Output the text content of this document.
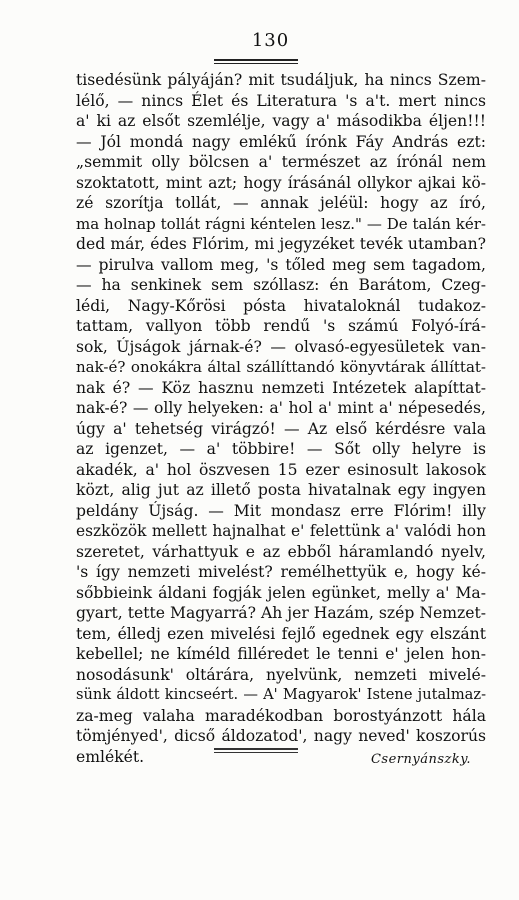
130
tisedésünk pályáján? mit tsudáljuk, ha nincs Szem-
lélő, — nincs Élet és Literatura 's a't. mert nincs
a' ki az elsőt szemlélje, vagy a' másodikba éljen!!!
— Jól mondá nagy emlékű írónk Fáy András ezt:
„semmit olly bölcsen a' természet az írónál nem
szoktatott, mint azt; hogy írásánál ollykor ajkai kö-
zé szorítja tollát, — annak jeléül: hogy az író,
ma holnap tollát rágni kéntelen lesz." — De talán kér-
ded már, édes Flórim, mi jegyzéket tevék utamban?
— pirulva vallom meg, 's tőled meg sem tagadom,
— ha senkinek sem szóllasz: én Barátom, Czeg-
lédi, Nagy-Kőrösi pósta hivataloknál tudakoz-
tattam, vallyon több rendű 's számú Folyó-írá-
sok, Újságok járnak-é? — olvasó-egyesületek van-
nak-é? onokákra által szállíttandó könyvtárak állíttat-
nak é? — Köz hasznu nemzeti Intézetek alapíttat-
nak-é? — olly helyeken: a' hol a' mint a' népesedés,
úgy a' tehetség virágzó! — Az első kérdésre vala
az igenzet, — a' többire! — Sőt olly helyre is
akadék, a' hol öszvesen 15 ezer esinosult lakosok
közt, alig jut az illető posta hivatalnak egy ingyen
peldány Újság. — Mit mondasz erre Flórim! illy
eszközök mellett hajnalhat e' felettünk a' valódi hon
szeretet, várhattyuk e az ebből háramlandó nyelv,
's így nemzeti mivelést? remélhettyük e, hogy ké-
sőbbieink áldani fogják jelen egünket, melly a' Ma-
gyart, tette Magyarrá? Ah jer Hazám, szép Nemzet-
tem, élledj ezen mivelési fejlő egednek egy elszánt
kebellel; ne kíméld filléredet le tenni e' jelen hon-
nosodásunk' oltárára, nyelvünk, nemzeti mivelé-
sünk áldott kincseért. — A' Magyarok' Istene jutalmaz-
za-meg valaha maradékodban borostyánzott hála
tömjényed', dicső áldozatod', nagy neved' koszorús
emlékét.	Csernyánszky.
